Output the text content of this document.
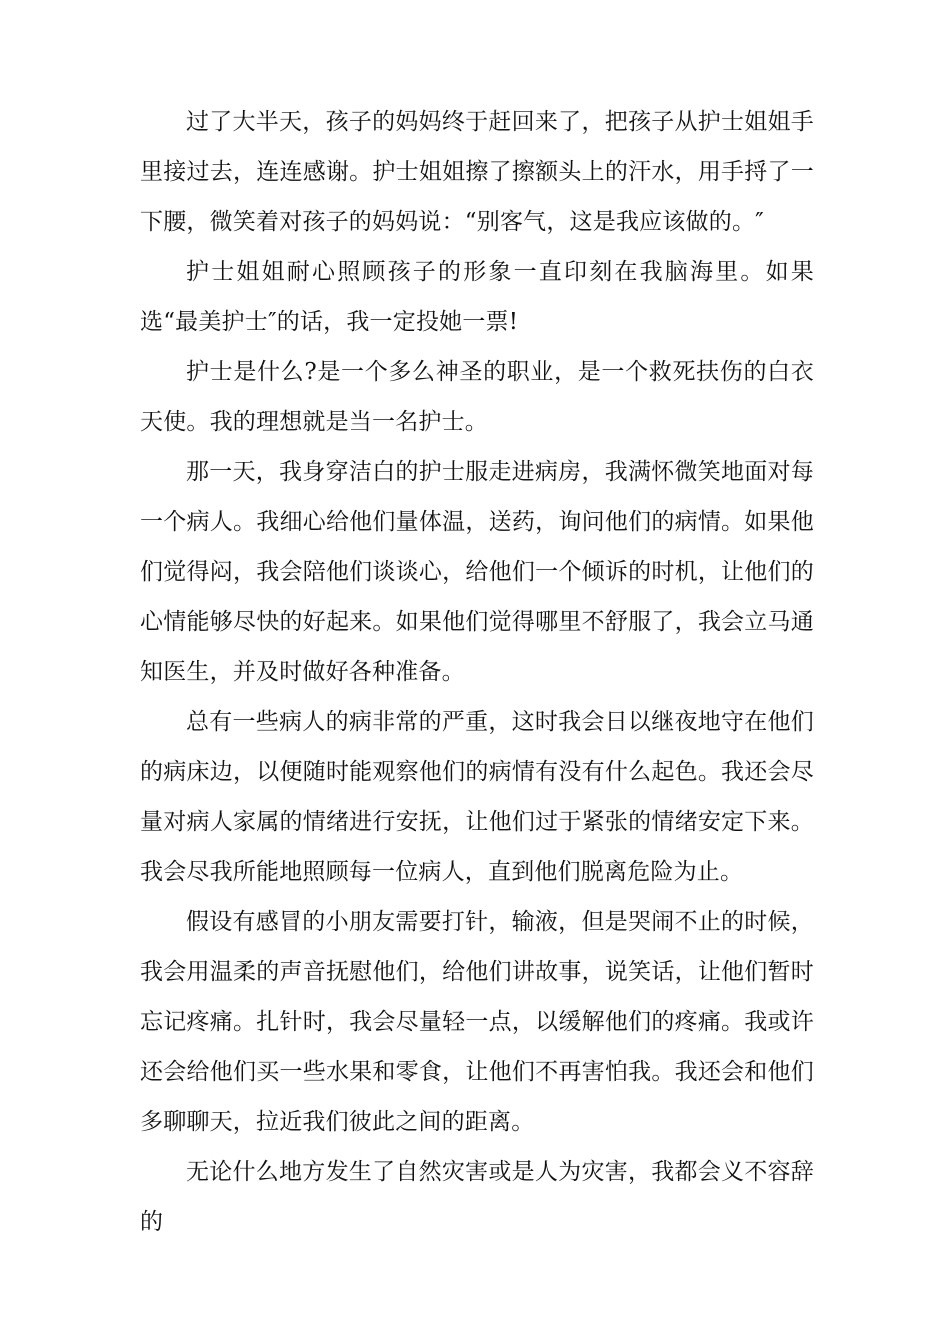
过了大半天，孩子的妈妈终于赶回来了，把孩子从护士姐姐手里接过去，连连感谢。护士姐姐擦了擦额头上的汗水，用手捋了一下腰，微笑着对孩子的妈妈说：“别客气，这是我应该做的。″

护士姐姐耐心照顾孩子的形象一直印刻在我脑海里。如果选“最美护士″的话，我一定投她一票!

护士是什么?是一个多么神圣的职业，是一个救死扶伤的白衣天使。我的理想就是当一名护士。

那一天，我身穿洁白的护士服走进病房，我满怀微笑地面对每一个病人。我细心给他们量体温，送药，询问他们的病情。如果他们觉得闷，我会陪他们谈谈心，给他们一个倾诉的时机，让他们的心情能够尽快的好起来。如果他们觉得哪里不舒服了，我会立马通知医生，并及时做好各种准备。

总有一些病人的病非常的严重，这时我会日以继夜地守在他们的病床边，以便随时能观察他们的病情有没有什么起色。我还会尽量对病人家属的情绪进行安抚，让他们过于紧张的情绪安定下来。我会尽我所能地照顾每一位病人，直到他们脱离危险为止。

假设有感冒的小朋友需要打针，输液，但是哭闹不止的时候，我会用温柔的声音抚慰他们，给他们讲故事，说笑话，让他们暂时忘记疼痛。扎针时，我会尽量轻一点，以缓解他们的疼痛。我或许还会给他们买一些水果和零食，让他们不再害怕我。我还会和他们多聊聊天，拉近我们彼此之间的距离。

无论什么地方发生了自然灾害或是人为灾害，我都会义不容辞的
